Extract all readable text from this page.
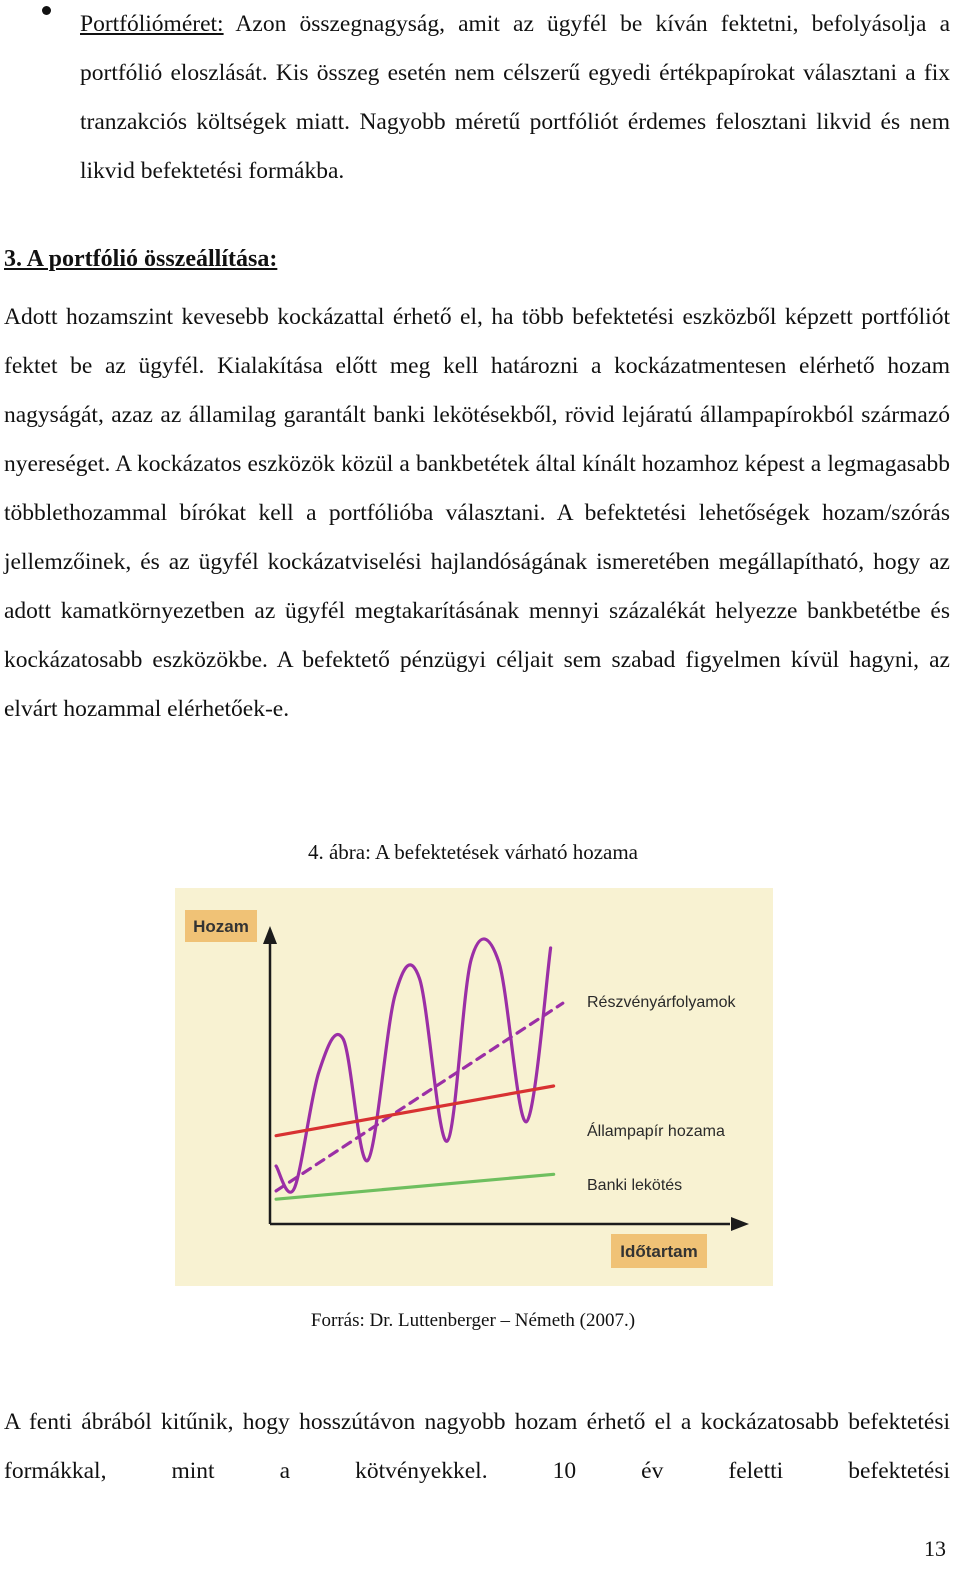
Portfólióméret: Azon összegnagyság, amit az ügyfél be kíván fektetni, befolyásolja a portfólió eloszlását. Kis összeg esetén nem célszerű egyedi értékpapírokat választani a fix tranzakciós költségek miatt. Nagyobb méretű portfóliót érdemes felosztani likvid és nem likvid befektetési formákba.
3. A portfólió összeállítása:
Adott hozamszint kevesebb kockázattal érhető el, ha több befektetési eszközből képzett portfóliót fektet be az ügyfél. Kialakítása előtt meg kell határozni a kockázatmentesen elérhető hozam nagyságát, azaz az államilag garantált banki lekötésekből, rövid lejáratú állampapírokból származó nyereséget. A kockázatos eszközök közül a bankbetétek által kínált hozamhoz képest a legmagasabb többlethozammal bírókat kell a portfólióba választani. A befektetési lehetőségek hozam/szórás jellemzőinek, és az ügyfél kockázatviselési hajlandóságának ismeretében megállapítható, hogy az adott kamatkörnyezetben az ügyfél megtakarításának mennyi százalékát helyezze bankbetétbe és kockázatosabb eszközökbe. A befektető pénzügyi céljait sem szabad figyelmen kívül hagyni, az elvárt hozammal elérhetőek-e.
4. ábra: A befektetések várható hozama
Hozam
Időtartam
Részvényárfolyamok
Állampapír hozama
Banki lekötés
Forrás: Dr. Luttenberger – Németh (2007.)
A fenti ábrából kitűnik, hogy hosszútávon nagyobb hozam érhető el a kockázatosabb befektetési formákkal, mint a kötvényekkel. 10 év feletti befektetési
13
